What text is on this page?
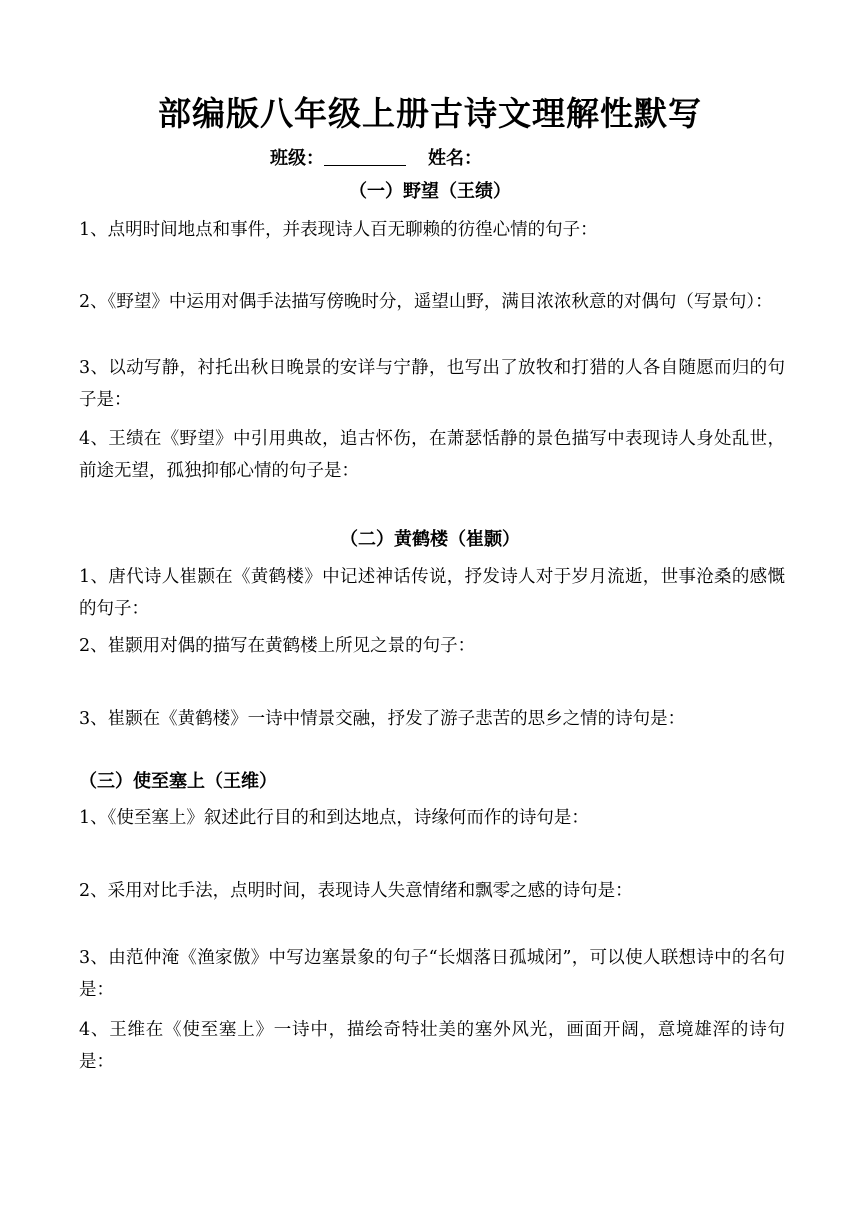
部编版八年级上册古诗文理解性默写
班级：	姓名：
（一）野望（王绩）
1、点明时间地点和事件，并表现诗人百无聊赖的彷徨心情的句子：
2、《野望》中运用对偶手法描写傍晚时分，遥望山野，满目浓浓秋意的对偶句（写景句）：
3、以动写静，衬托出秋日晚景的安详与宁静，也写出了放牧和打猎的人各自随愿而归的句子是：
4、王绩在《野望》中引用典故，追古怀伤，在萧瑟恬静的景色描写中表现诗人身处乱世，前途无望，孤独抑郁心情的句子是：
（二）黄鹤楼（崔颢）
1、唐代诗人崔颢在《黄鹤楼》中记述神话传说，抒发诗人对于岁月流逝，世事沧桑的感慨的句子：
2、崔颢用对偶的描写在黄鹤楼上所见之景的句子：
3、崔颢在《黄鹤楼》一诗中情景交融，抒发了游子悲苦的思乡之情的诗句是：
（三）使至塞上（王维）
1、《使至塞上》叙述此行目的和到达地点，诗缘何而作的诗句是：
2、采用对比手法，点明时间，表现诗人失意情绪和飘零之感的诗句是：
3、由范仲淹《渔家傲》中写边塞景象的句子“长烟落日孤城闭”，可以使人联想诗中的名句是：
4、王维在《使至塞上》一诗中，描绘奇特壮美的塞外风光，画面开阔，意境雄浑的诗句是：
